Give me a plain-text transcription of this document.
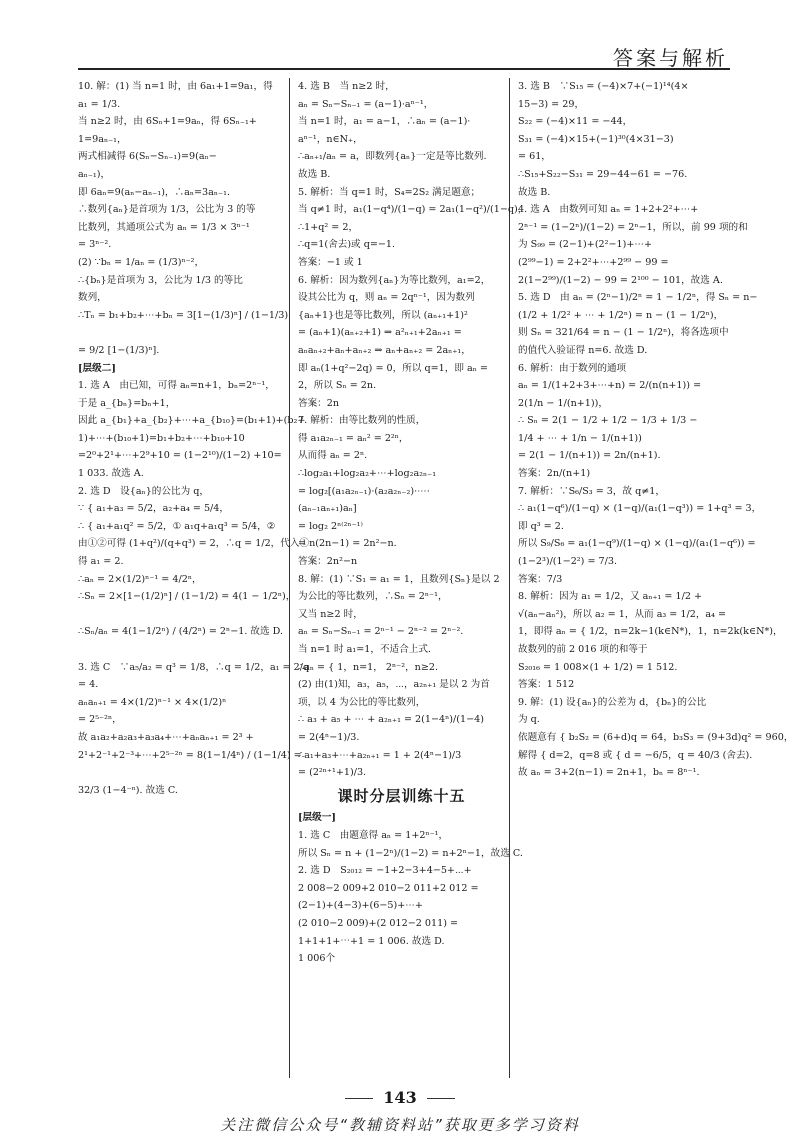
答案与解析
10. 解：(1) 当 n=1 时，由 6a₁+1=9a₁，得
a₁ = 1/3.
当 n≥2 时，由 6Sₙ+1=9aₙ，得 6Sₙ₋₁+
1=9aₙ₋₁，
两式相减得 6(Sₙ−Sₙ₋₁)=9(aₙ−
aₙ₋₁)，
即 6aₙ=9(aₙ−aₙ₋₁)，∴aₙ=3aₙ₋₁.
∴数列{aₙ}是首项为 1/3，公比为 3 的等
比数列，其通项公式为 aₙ = 1/3 × 3ⁿ⁻¹
= 3ⁿ⁻².
(2) ∵bₙ = 1/aₙ = (1/3)ⁿ⁻²，
∴{bₙ}是首项为 3，公比为 1/3 的等比
数列，
∴Tₙ = b₁+b₂+⋯+bₙ = 3[1−(1/3)ⁿ] / (1−1/3)
= 9/2 [1−(1/3)ⁿ].
[层级二]
1. 选 A　由已知，可得 aₙ=n+1，bₙ=2ⁿ⁻¹，
于是 a_{bₙ}=bₙ+1，
因此 a_{b₁}+a_{b₂}+⋯+a_{b₁₀}=(b₁+1)+(b₂+
1)+⋯+(b₁₀+1)=b₁+b₂+⋯+b₁₀+10
=2⁰+2¹+⋯+2⁹+10 = (1−2¹⁰)/(1−2) +10=
1 033. 故选 A.
2. 选 D　设{aₙ}的公比为 q，
∵ { a₁+a₃ = 5/2，a₂+a₄ = 5/4，
∴ { a₁+a₁q² = 5/2，① a₁q+a₁q³ = 5/4，②
由①②可得 (1+q²)/(q+q³) = 2，∴q = 1/2，代入①
得 a₁ = 2.
∴aₙ = 2×(1/2)ⁿ⁻¹ = 4/2ⁿ，
∴Sₙ = 2×[1−(1/2)ⁿ] / (1−1/2) = 4(1 − 1/2ⁿ)，
∴Sₙ/aₙ = 4(1−1/2ⁿ) / (4/2ⁿ) = 2ⁿ−1. 故选 D.
3. 选 C　∵a₅/a₂ = q³ = 1/8，∴q = 1/2，a₁ = 2/q
= 4.
aₙaₙ₊₁ = 4×(1/2)ⁿ⁻¹ × 4×(1/2)ⁿ
= 2⁵⁻²ⁿ，
故 a₁a₂+a₂a₃+a₃a₄+⋯+aₙaₙ₊₁ = 2³ +
2¹+2⁻¹+2⁻³+⋯+2⁵⁻²ⁿ = 8(1−1/4ⁿ) / (1−1/4) =
32/3 (1−4⁻ⁿ). 故选 C.
4. 选 B　当 n≥2 时，
aₙ = Sₙ−Sₙ₋₁ = (a−1)·aⁿ⁻¹，
当 n=1 时，a₁ = a−1，∴aₙ = (a−1)·
aⁿ⁻¹，n∈N₊，
∴aₙ₊₁/aₙ = a，即数列{aₙ}一定是等比数列.
故选 B.
5. 解析：当 q=1 时，S₄=2S₂ 满足题意；
当 q≠1 时，a₁(1−q⁴)/(1−q) = 2a₁(1−q²)/(1−q)，
∴1+q² = 2，
∴q=1(舍去)或 q=−1.
答案：−1 或 1
6. 解析：因为数列{aₙ}为等比数列，a₁=2，
设其公比为 q，则 aₙ = 2qⁿ⁻¹，因为数列
{aₙ+1}也是等比数列，所以 (aₙ₊₁+1)²
= (aₙ+1)(aₙ₊₂+1) ⇒ a²ₙ₊₁+2aₙ₊₁ =
aₙaₙ₊₂+aₙ+aₙ₊₂ ⇒ aₙ+aₙ₊₂ = 2aₙ₊₁，
即 aₙ(1+q²−2q) = 0，所以 q=1，即 aₙ =
2，所以 Sₙ = 2n.
答案：2n
7. 解析：由等比数列的性质，
得 a₁a₂ₙ₋₁ = aₙ² = 2²ⁿ，
从而得 aₙ = 2ⁿ.
∴log₂a₁+log₂a₂+⋯+log₂a₂ₙ₋₁
= log₂[(a₁a₂ₙ₋₁)·(a₂a₂ₙ₋₂)·⋯·
(aₙ₋₁aₙ₊₁)aₙ]
= log₂ 2ⁿ⁽²ⁿ⁻¹⁾
= n(2n−1) = 2n²−n.
答案：2n²−n
8. 解：(1) ∵S₁ = a₁ = 1，且数列{Sₙ}是以 2
为公比的等比数列，∴Sₙ = 2ⁿ⁻¹，
又当 n≥2 时，
aₙ = Sₙ−Sₙ₋₁ = 2ⁿ⁻¹ − 2ⁿ⁻² = 2ⁿ⁻².
当 n=1 时 a₁=1，不适合上式.
∴aₙ = { 1，n=1， 2ⁿ⁻²，n≥2.
(2) 由(1)知，a₃，a₅，⋯，a₂ₙ₊₁ 是以 2 为首
项，以 4 为公比的等比数列，
∴ a₃ + a₅ + ⋯ + a₂ₙ₊₁ = 2(1−4ⁿ)/(1−4)
= 2(4ⁿ−1)/3.
∴a₁+a₃+⋯+a₂ₙ₊₁ = 1 + 2(4ⁿ−1)/3
= (2²ⁿ⁺¹+1)/3.
课时分层训练十五
[层级一]
1. 选 C　由题意得 aₙ = 1+2ⁿ⁻¹，
所以 Sₙ = n + (1−2ⁿ)/(1−2) = n+2ⁿ−1，故选 C.
2. 选 D　S₂₀₁₂ = −1+2−3+4−5+⋯+
2 008−2 009+2 010−2 011+2 012 =
(2−1)+(4−3)+(6−5)+⋯+
(2 010−2 009)+(2 012−2 011) =
1+1+1+⋯+1 = 1 006. 故选 D.
1 006个
3. 选 B　∵S₁₅ = (−4)×7+(−1)¹⁴(4×
15−3) = 29，
S₂₂ = (−4)×11 = −44，
S₃₁ = (−4)×15+(−1)³⁰(4×31−3)
= 61，
∴S₁₅+S₂₂−S₃₁ = 29−44−61 = −76.
故选 B.
4. 选 A　由数列可知 aₙ = 1+2+2²+⋯+
2ⁿ⁻¹ = (1−2ⁿ)/(1−2) = 2ⁿ−1，所以，前 99 项的和
为 S₉₉ = (2−1)+(2²−1)+⋯+
(2⁹⁹−1) = 2+2²+⋯+2⁹⁹ − 99 =
2(1−2⁹⁹)/(1−2) − 99 = 2¹⁰⁰ − 101，故选 A.
5. 选 D　由 aₙ = (2ⁿ−1)/2ⁿ = 1 − 1/2ⁿ，得 Sₙ = n−
(1/2 + 1/2² + ⋯ + 1/2ⁿ) = n − (1 − 1/2ⁿ)，
则 Sₙ = 321/64 = n − (1 − 1/2ⁿ)，将各选项中
的值代入验证得 n=6. 故选 D.
6. 解析：由于数列的通项
aₙ = 1/(1+2+3+⋯+n) = 2/(n(n+1)) =
2(1/n − 1/(n+1))，
∴ Sₙ = 2(1 − 1/2 + 1/2 − 1/3 + 1/3 −
1/4 + ⋯ + 1/n − 1/(n+1))
= 2(1 − 1/(n+1)) = 2n/(n+1).
答案：2n/(n+1)
7. 解析：∵S₆/S₃ = 3，故 q≠1，
∴ a₁(1−q⁶)/(1−q) × (1−q)/(a₁(1−q³)) = 1+q³ = 3，
即 q³ = 2.
所以 S₉/S₆ = a₁(1−q⁹)/(1−q) × (1−q)/(a₁(1−q⁶)) =
(1−2³)/(1−2²) = 7/3.
答案：7/3
8. 解析：因为 a₁ = 1/2，又 aₙ₊₁ = 1/2 +
√(aₙ−aₙ²)，所以 a₂ = 1，从而 a₃ = 1/2，a₄ =
1，即得 aₙ = { 1/2，n=2k−1(k∈N*)，1，n=2k(k∈N*)，
故数列的前 2 016 项的和等于
S₂₀₁₆ = 1 008×(1 + 1/2) = 1 512.
答案：1 512
9. 解：(1) 设{aₙ}的公差为 d，{bₙ}的公比
为 q.
依题意有 { b₂S₂ = (6+d)q = 64，b₃S₃ = (9+3d)q² = 960，
解得 { d=2，q=8 或 { d = −6/5，q = 40/3 (舍去).
故 aₙ = 3+2(n−1) = 2n+1，bₙ = 8ⁿ⁻¹.
143
关注微信公众号“教辅资料站”获取更多学习资料
